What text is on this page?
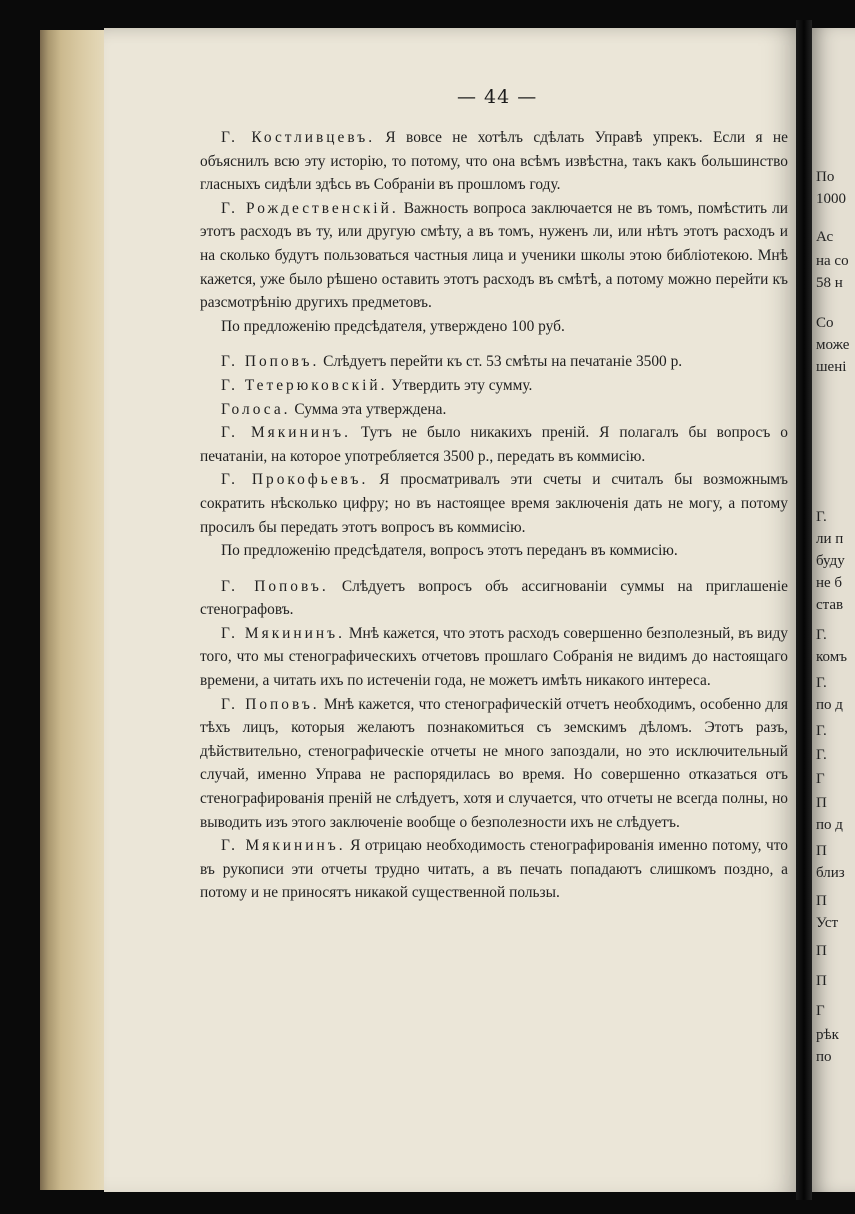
По
1000
Ас
на со
58 н
Со
може
шені
Г.
ли п
буду
не б
став
Г.
комъ
Г.
по д
Г.
Г.
Г
П
по д
П
близ
П
Уст
П
П
Г
рѣк
по
— 44 —

Г. Костливцевъ. Я вовсе не хотѣлъ сдѣлать Управѣ упрекъ. Если я не объяснилъ всю эту исторію, то потому, что она всѣмъ извѣстна, такъ какъ большинство гласныхъ сидѣли здѣсь въ Собраніи въ прошломъ году.

Г. Рождественскій. Важность вопроса заключается не въ томъ, помѣстить ли этотъ расходъ въ ту, или другую смѣту, а въ томъ, нуженъ ли, или нѣтъ этотъ расходъ и на сколько будутъ пользоваться частныя лица и ученики школы этою библіотекою. Мнѣ кажется, уже было рѣшено оставить этотъ расходъ въ смѣтѣ, а потому можно перейти къ разсмотрѣнію другихъ предметовъ.

По предложенію предсѣдателя, утверждено 100 руб.

Г. Поповъ. Слѣдуетъ перейти къ ст. 53 смѣты на печатаніе 3500 р.

Г. Тетерюковскій. Утвердить эту сумму.

Голоса. Сумма эта утверждена.

Г. Мякининъ. Тутъ не было никакихъ преній. Я полагалъ бы вопросъ о печатаніи, на которое употребляется 3500 р., передать въ коммисію.

Г. Прокофьевъ. Я просматривалъ эти счеты и считалъ бы возможнымъ сократить нѣсколько цифру; но въ настоящее время заключенія дать не могу, а потому просилъ бы передать этотъ вопросъ въ коммисію.

По предложенію предсѣдателя, вопросъ этотъ переданъ въ коммисію.

Г. Поповъ. Слѣдуетъ вопросъ объ ассигнованіи суммы на приглашеніе стенографовъ.

Г. Мякининъ. Мнѣ кажется, что этотъ расходъ совершенно безполезный, въ виду того, что мы стенографическихъ отчетовъ прошлаго Собранія не видимъ до настоящаго времени, а читать ихъ по истеченіи года, не можетъ имѣть никакого интереса.

Г. Поповъ. Мнѣ кажется, что стенографическій отчетъ необходимъ, особенно для тѣхъ лицъ, которыя желаютъ познакомиться съ земскимъ дѣломъ. Этотъ разъ, дѣйствительно, стенографическіе отчеты не много запоздали, но это исключительный случай, именно Управа не распорядилась во время. Но совершенно отказаться отъ стенографированія преній не слѣдуетъ, хотя и случается, что отчеты не всегда полны, но выводить изъ этого заключеніе вообще о безполезности ихъ не слѣдуетъ.

Г. Мякининъ. Я отрицаю необходимость стенографированія именно потому, что въ рукописи эти отчеты трудно читать, а въ печать попадаютъ слишкомъ поздно, а потому и не приносятъ никакой существенной пользы.
